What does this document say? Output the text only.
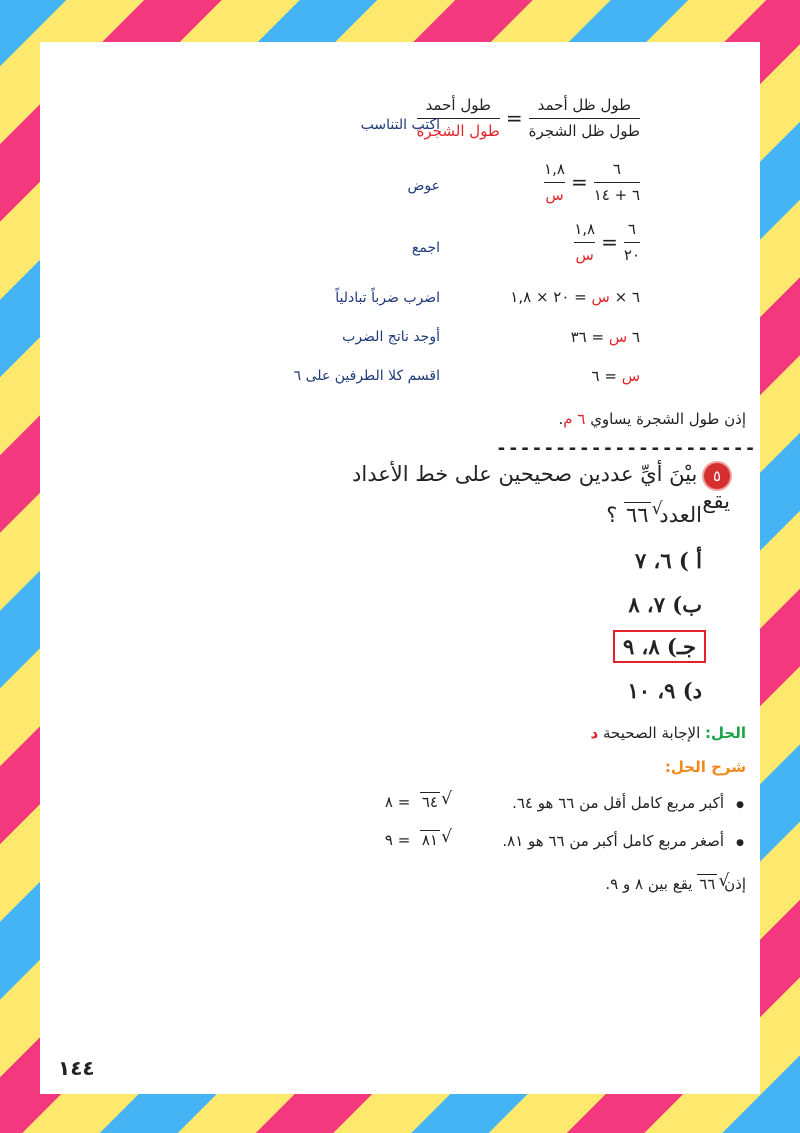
$\frac{\text{طول ظل أحمد}}{\text{طول ظل الشجرة}}$
=
$\frac{\text{طول أحمد}}{\text{طول الشجرة}}$
اكتب التناسب
$\frac{٦}{٦ + ١٤}$
=
$\frac{١,٨}{\text{س}}$
عوض
$\frac{٦}{٢٠}$
=
$\frac{١,٨}{\text{س}}$
اجمع
٦ × س = ٢٠ × ١,٨
اضرب ضرباً تبادلياً
٦ س = ٣٦
أوجد ناتج الضرب
س = ٦
اقسم كلا الطرفين على ٦
إذن طول الشجرة يساوي ٦ م.
----------------------
٥ بيْنَ أيِّ عددين صحيحين على خط الأعداد يقع
العدد ٦٦ √ ؟
أ ) ٦، ٧
ب) ٧، ٨
جـ) ٨، ٩
د) ٩، ١٠
الحل: الإجابة الصحيحة د
شرح الحل:
●
أكبر مربع كامل أقل من ٦٦ هو ٦٤.
٦٤ √  = ٨
●
أصغر مربع كامل أكبر من ٦٦ هو ٨١.
٨١ √  = ٩
إذن ٦٦ √ يقع بين ٨ و ٩.
١٤٤
